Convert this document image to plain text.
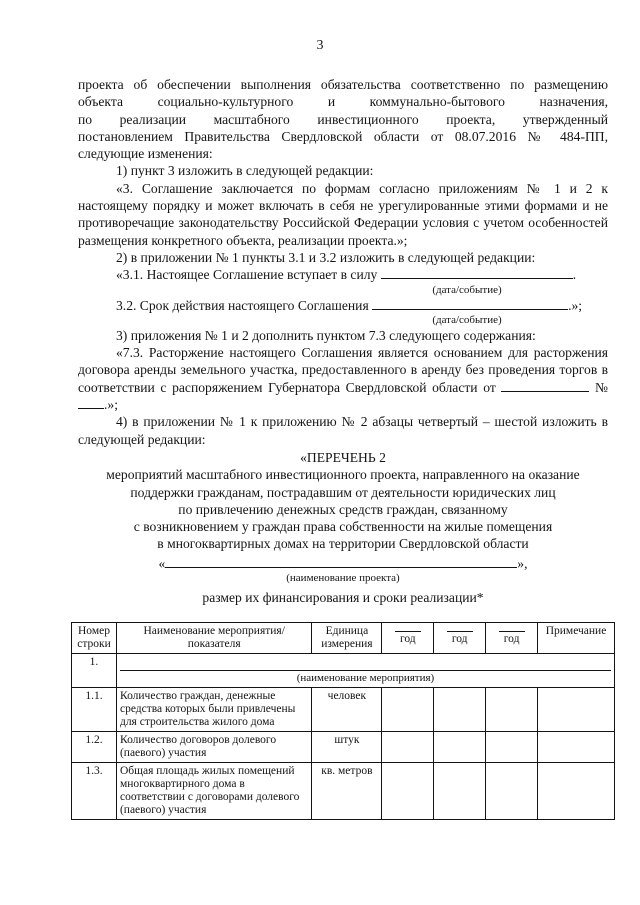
3

проекта об обеспечении выполнения обязательства соответственно по размещению

объекта социально-культурного и коммунально-бытового назначения,

по реализации масштабного инвестиционного проекта, утвержденный

постановлением Правительства Свердловской области от 08.07.2016 № 484-ПП,

следующие изменения:

1) пункт 3 изложить в следующей редакции:

«3. Соглашение заключается по формам согласно приложениям № 1 и 2 к настоящему порядку и может включать в себя не урегулированные этими формами и не противоречащие законодательству Российской Федерации условия с учетом особенностей размещения конкретного объекта, реализации проекта.»;

2) в приложении № 1 пункты 3.1 и 3.2 изложить в следующей редакции:

«3.1. Настоящее Соглашение вступает в силу	.

(дата/событие)

3.2. Срок действия настоящего Соглашения	.»;

(дата/событие)

3) приложения № 1 и 2 дополнить пунктом 7.3 следующего содержания:

«7.3. Расторжение настоящего Соглашения является основанием для расторжения договора аренды земельного участка, предоставленного в аренду без проведения торгов в соответствии с распоряжением Губернатора Свердловской области от	№ .»;

4) в приложении № 1 к приложению № 2 абзацы четвертый – шестой изложить в следующей редакции:

«ПЕРЕЧЕНЬ 2

мероприятий масштабного инвестиционного проекта, направленного на оказание

поддержки гражданам, пострадавшим от деятельности юридических лиц

по привлечению денежных средств граждан, связанному

с возникновением у граждан права собственности на жилые помещения

в многоквартирных домах на территории Свердловской области

«	»,

(наименование проекта)

размер их финансирования и сроки реализации*

Номер строки	Наименование мероприятия/показателя	Единица измерения	год	год	год	Примечание
1.	(наименование мероприятия)					

1.1.	Количество граждан, денежные средства которых были привлечены для строительства жилого дома	человек				
1.2.	Количество договоров долевого (паевого) участия	штук				
1.3.	Общая площадь жилых помещений многоквартирного дома в соответствии с договорами долевого (паевого) участия	кв. метров				
